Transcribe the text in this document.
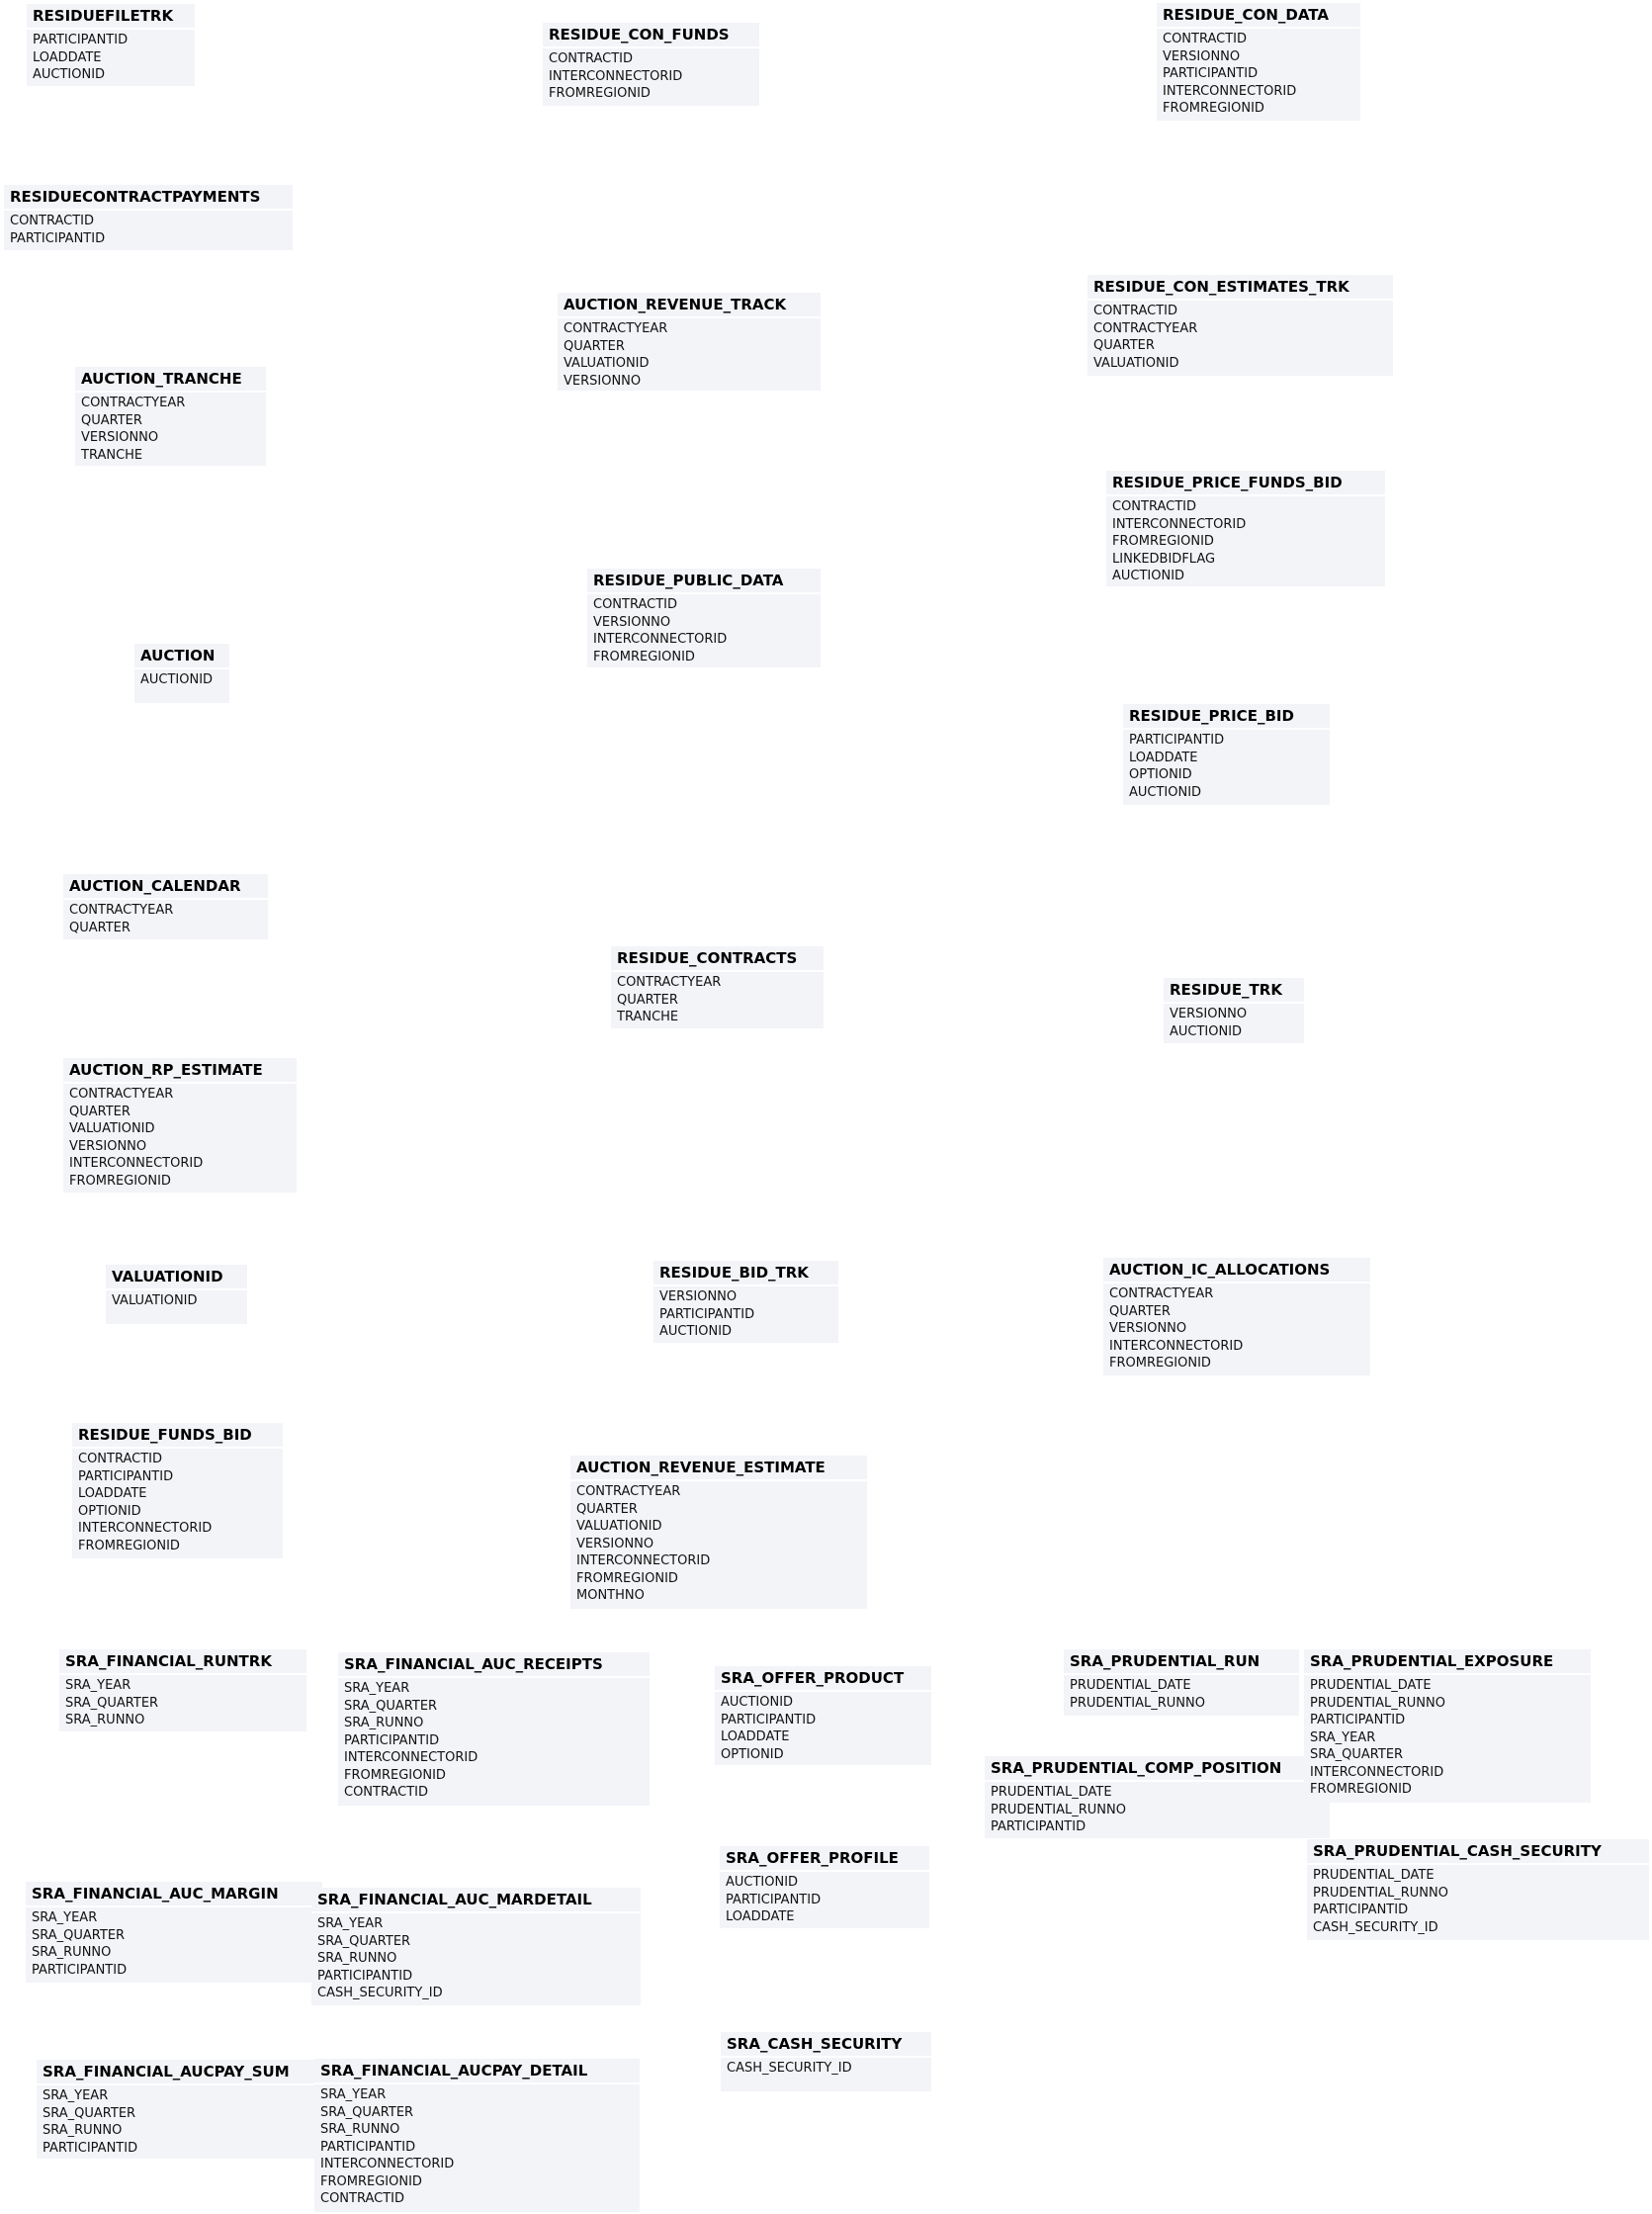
RESIDUEFILETRK
PARTICIPANTID
LOADDATE
AUCTIONID
RESIDUE_CON_FUNDS
CONTRACTID
INTERCONNECTORID
FROMREGIONID
RESIDUE_CON_DATA
CONTRACTID
VERSIONNO
PARTICIPANTID
INTERCONNECTORID
FROMREGIONID
RESIDUECONTRACTPAYMENTS
CONTRACTID
PARTICIPANTID
AUCTION_REVENUE_TRACK
CONTRACTYEAR
QUARTER
VALUATIONID
VERSIONNO
RESIDUE_CON_ESTIMATES_TRK
CONTRACTID
CONTRACTYEAR
QUARTER
VALUATIONID
AUCTION_TRANCHE
CONTRACTYEAR
QUARTER
VERSIONNO
TRANCHE
RESIDUE_PRICE_FUNDS_BID
CONTRACTID
INTERCONNECTORID
FROMREGIONID
LINKEDBIDFLAG
AUCTIONID
RESIDUE_PUBLIC_DATA
CONTRACTID
VERSIONNO
INTERCONNECTORID
FROMREGIONID
AUCTION
AUCTIONID
RESIDUE_PRICE_BID
PARTICIPANTID
LOADDATE
OPTIONID
AUCTIONID
AUCTION_CALENDAR
CONTRACTYEAR
QUARTER
RESIDUE_CONTRACTS
CONTRACTYEAR
QUARTER
TRANCHE
RESIDUE_TRK
VERSIONNO
AUCTIONID
AUCTION_RP_ESTIMATE
CONTRACTYEAR
QUARTER
VALUATIONID
VERSIONNO
INTERCONNECTORID
FROMREGIONID
VALUATIONID
VALUATIONID
RESIDUE_BID_TRK
VERSIONNO
PARTICIPANTID
AUCTIONID
AUCTION_IC_ALLOCATIONS
CONTRACTYEAR
QUARTER
VERSIONNO
INTERCONNECTORID
FROMREGIONID
RESIDUE_FUNDS_BID
CONTRACTID
PARTICIPANTID
LOADDATE
OPTIONID
INTERCONNECTORID
FROMREGIONID
AUCTION_REVENUE_ESTIMATE
CONTRACTYEAR
QUARTER
VALUATIONID
VERSIONNO
INTERCONNECTORID
FROMREGIONID
MONTHNO
SRA_FINANCIAL_RUNTRK
SRA_YEAR
SRA_QUARTER
SRA_RUNNO
SRA_FINANCIAL_AUC_RECEIPTS
SRA_YEAR
SRA_QUARTER
SRA_RUNNO
PARTICIPANTID
INTERCONNECTORID
FROMREGIONID
CONTRACTID
SRA_OFFER_PRODUCT
AUCTIONID
PARTICIPANTID
LOADDATE
OPTIONID
SRA_PRUDENTIAL_RUN
PRUDENTIAL_DATE
PRUDENTIAL_RUNNO
SRA_PRUDENTIAL_COMP_POSITION
PRUDENTIAL_DATE
PRUDENTIAL_RUNNO
PARTICIPANTID
SRA_PRUDENTIAL_EXPOSURE
PRUDENTIAL_DATE
PRUDENTIAL_RUNNO
PARTICIPANTID
SRA_YEAR
SRA_QUARTER
INTERCONNECTORID
FROMREGIONID
SRA_OFFER_PROFILE
AUCTIONID
PARTICIPANTID
LOADDATE
SRA_PRUDENTIAL_CASH_SECURITY
PRUDENTIAL_DATE
PRUDENTIAL_RUNNO
PARTICIPANTID
CASH_SECURITY_ID
SRA_FINANCIAL_AUC_MARGIN
SRA_YEAR
SRA_QUARTER
SRA_RUNNO
PARTICIPANTID
SRA_FINANCIAL_AUC_MARDETAIL
SRA_YEAR
SRA_QUARTER
SRA_RUNNO
PARTICIPANTID
CASH_SECURITY_ID
SRA_CASH_SECURITY
CASH_SECURITY_ID
SRA_FINANCIAL_AUCPAY_SUM
SRA_YEAR
SRA_QUARTER
SRA_RUNNO
PARTICIPANTID
SRA_FINANCIAL_AUCPAY_DETAIL
SRA_YEAR
SRA_QUARTER
SRA_RUNNO
PARTICIPANTID
INTERCONNECTORID
FROMREGIONID
CONTRACTID
